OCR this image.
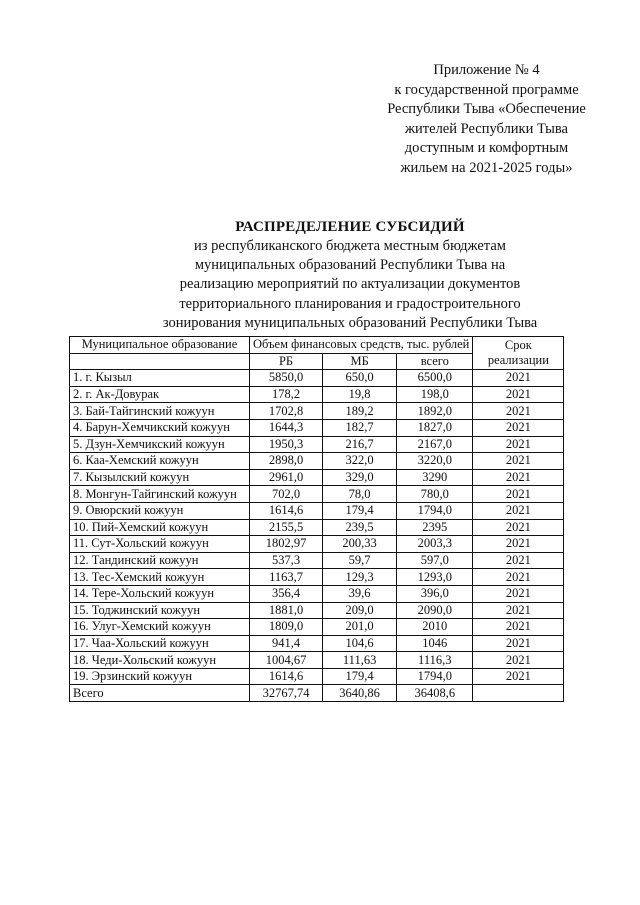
Приложение № 4
к государственной программе
Республики Тыва «Обеспечение
жителей Республики Тыва
доступным и комфортным
жильем на 2021-2025 годы»
РАСПРЕДЕЛЕНИЕ СУБСИДИЙ
из республиканского бюджета местным бюджетам
муниципальных образований Республики Тыва на
реализацию мероприятий по актуализации документов
территориального планирования и градостроительного
зонирования муниципальных образований Республики Тыва
Муниципальное образование	Объем финансовых средств, тыс. рублей			Срок реализации
	РБ	МБ	всего	
1. г. Кызыл	5850,0	650,0	6500,0	2021
2. г. Ак-Довурак	178,2	19,8	198,0	2021
3. Бай-Тайгинский кожуун	1702,8	189,2	1892,0	2021
4. Барун-Хемчикский кожуун	1644,3	182,7	1827,0	2021
5. Дзун-Хемчикский кожуун	1950,3	216,7	2167,0	2021
6. Каа-Хемский кожуун	2898,0	322,0	3220,0	2021
7. Кызылский кожуун	2961,0	329,0	3290	2021
8. Монгун-Тайгинский кожуун	702,0	78,0	780,0	2021
9. Овюрский кожуун	1614,6	179,4	1794,0	2021
10. Пий-Хемский кожуун	2155,5	239,5	2395	2021
11. Сут-Хольский кожуун	1802,97	200,33	2003,3	2021
12. Тандинский кожуун	537,3	59,7	597,0	2021
13. Тес-Хемский кожуун	1163,7	129,3	1293,0	2021
14. Тере-Хольский кожуун	356,4	39,6	396,0	2021
15. Тоджинский кожуун	1881,0	209,0	2090,0	2021
16. Улуг-Хемский кожуун	1809,0	201,0	2010	2021
17. Чаа-Хольский кожуун	941,4	104,6	1046	2021
18. Чеди-Хольский кожуун	1004,67	111,63	1116,3	2021
19. Эрзинский кожуун	1614,6	179,4	1794,0	2021
Всего	32767,74	3640,86	36408,6	
